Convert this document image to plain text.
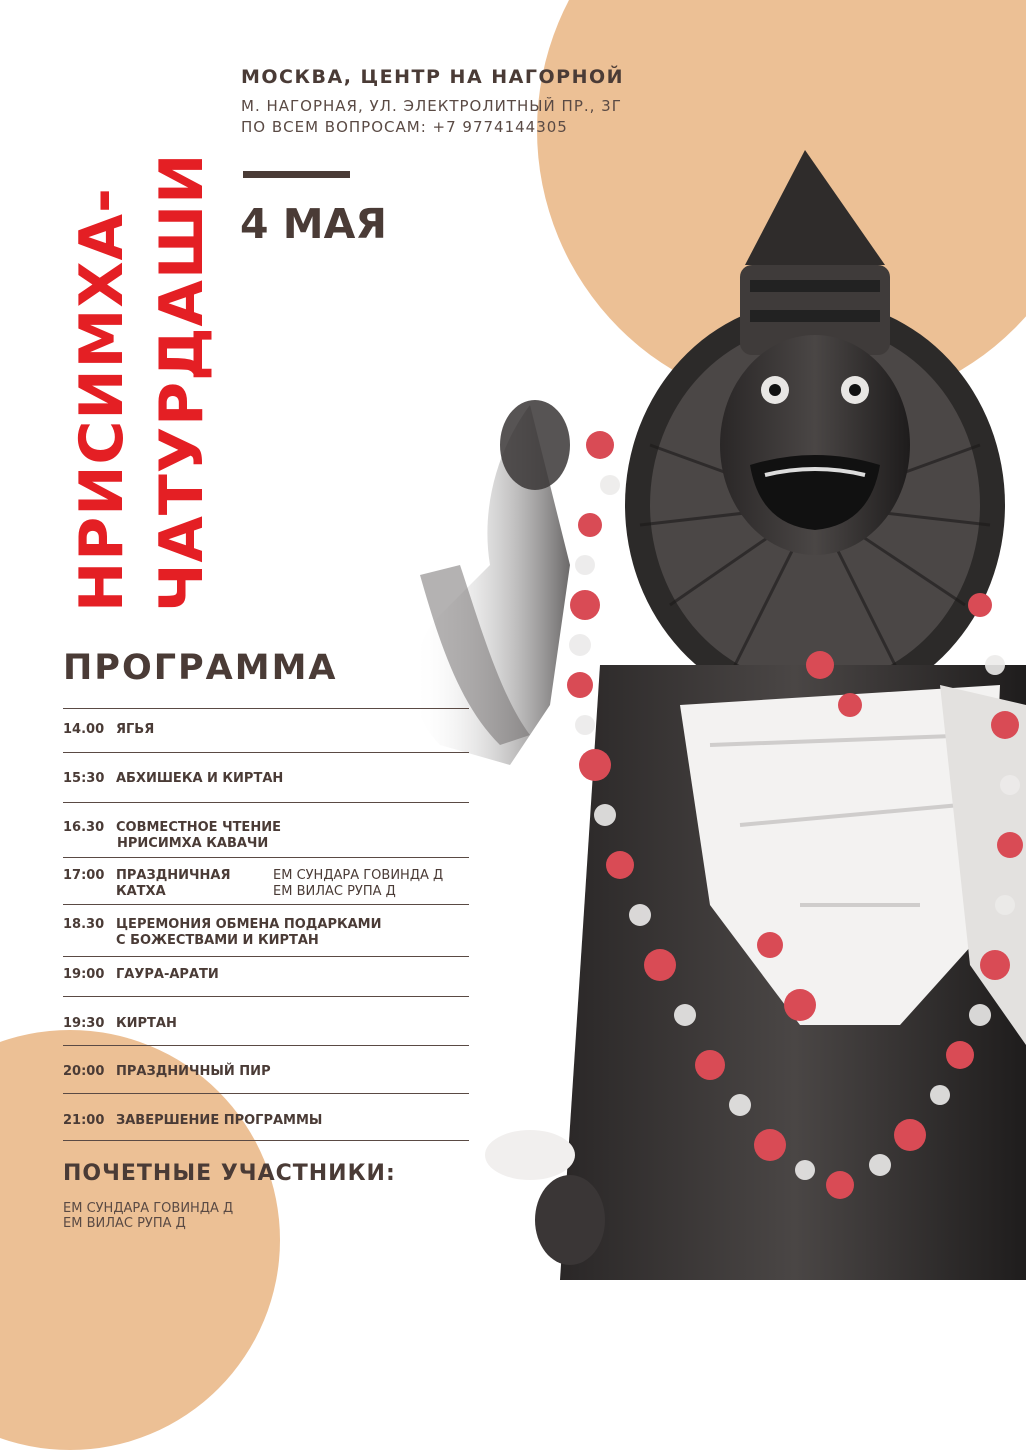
НРИСИМХА- ЧАТУРДАШИ
МОСКВА, ЦЕНТР НА НАГОРНОЙ
М. НАГОРНАЯ, УЛ. ЭЛЕКТРОЛИТНЫЙ ПР., 3Г
ПО ВСЕМ ВОПРОСАМ: +7 9774144305
4 МАЯ
ПРОГРАММА
14.00 ЯГЬЯ
15:30 АБХИШЕКА И КИРТАН
16.30 СОВМЕСТНОЕ ЧТЕНИЕ
НРИСИМХА КАВАЧИ
17:00 ПРАЗДНИЧНАЯ
КАТХА
ЕМ СУНДАРА ГОВИНДА Д
ЕМ ВИЛАС РУПА Д
18.30 ЦЕРЕМОНИЯ ОБМЕНА ПОДАРКАМИ
С БОЖЕСТВАМИ И КИРТАН
19:00 ГАУРА-АРАТИ
19:30 КИРТАН
20:00 ПРАЗДНИЧНЫЙ ПИР
21:00 ЗАВЕРШЕНИЕ ПРОГРАММЫ
ПОЧЕТНЫЕ УЧАСТНИКИ:
ЕМ СУНДАРА ГОВИНДА Д
ЕМ ВИЛАС РУПА Д
